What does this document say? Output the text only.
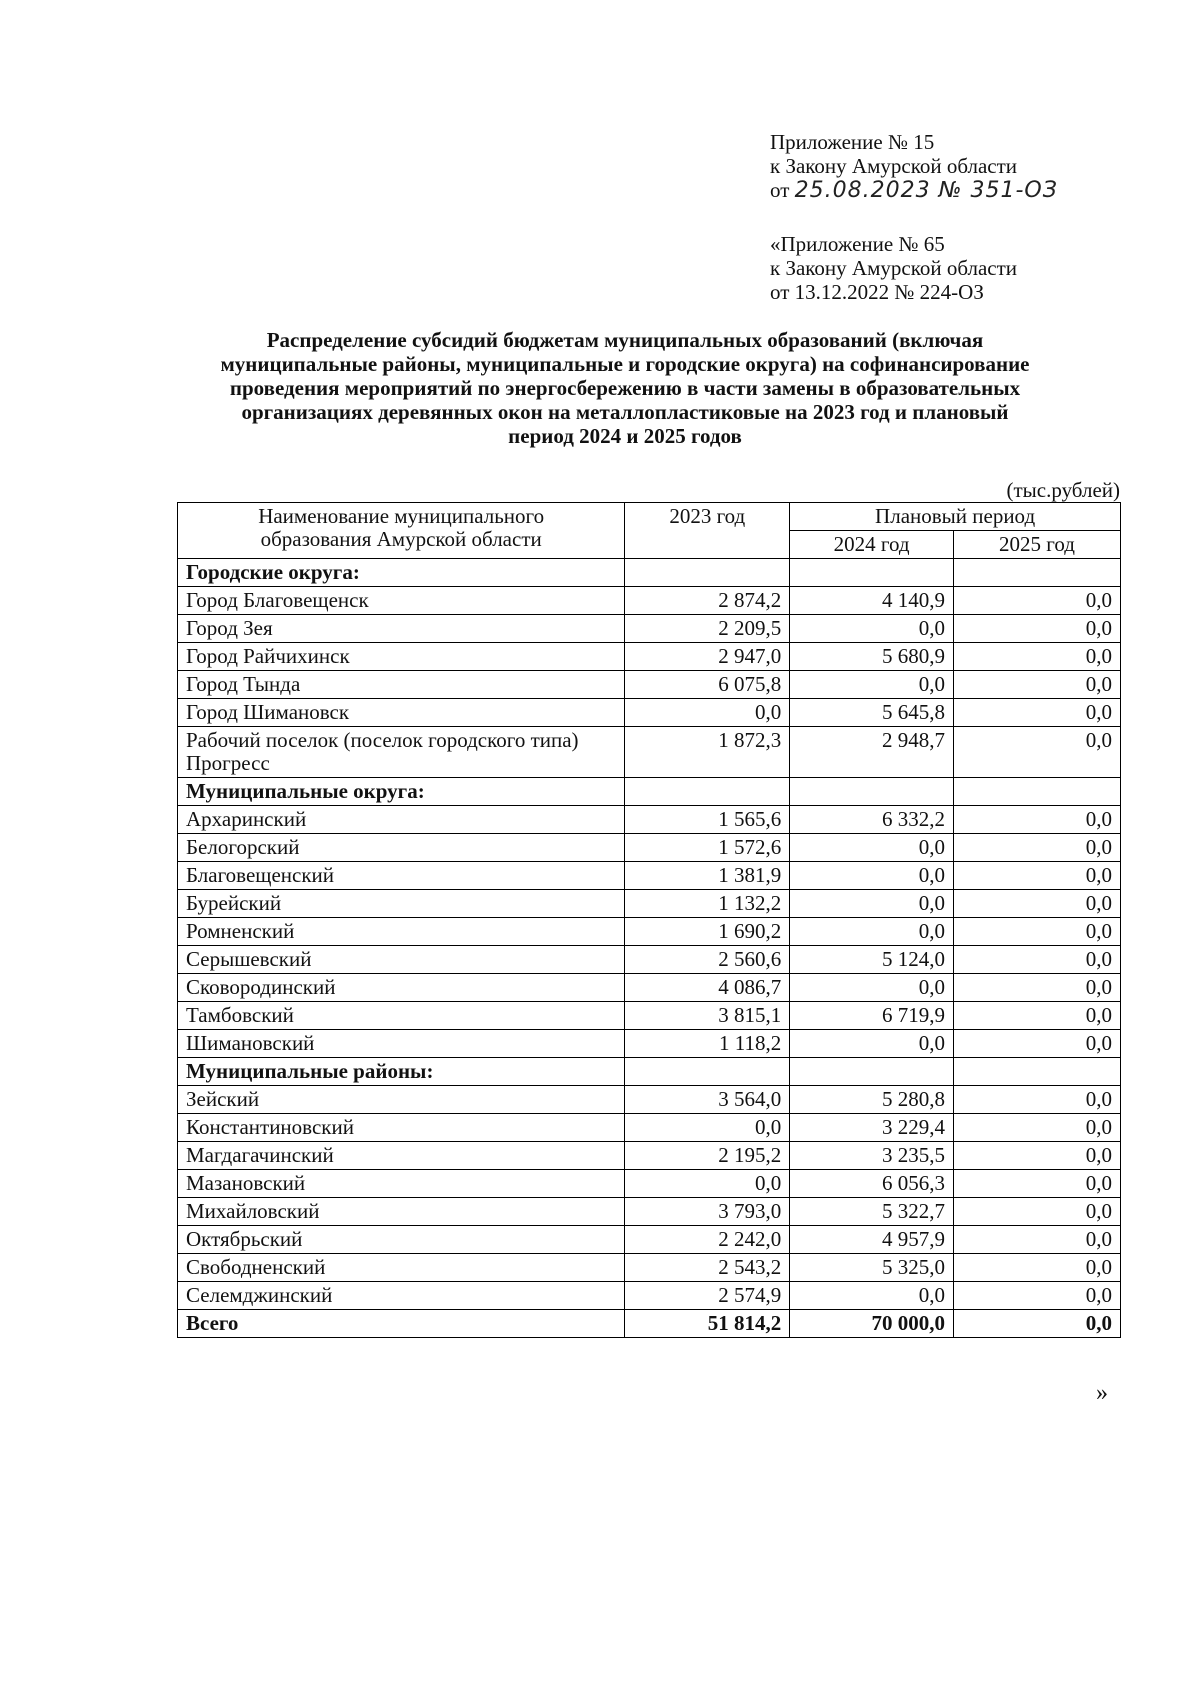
Приложение № 15
к Закону Амурской области
от 25.08.2023 № 351-ОЗ
«Приложение № 65
к Закону Амурской области
от 13.12.2022 № 224-ОЗ
Распределение субсидий бюджетам муниципальных образований (включая
муниципальные районы, муниципальные и городские округа) на софинансирование
проведения мероприятий по энергосбережению в части замены в образовательных
организациях деревянных окон на металлопластиковые на 2023 год и плановый
период 2024 и 2025 годов
(тыс.рублей)
Наименование муниципального
образования Амурской области	2023 год	Плановый период	
		2024 год	2025 год
Городские округа:			
Город Благовещенск	2 874,2	4 140,9	0,0
Город Зея	2 209,5	0,0	0,0
Город Райчихинск	2 947,0	5 680,9	0,0
Город Тында	6 075,8	0,0	0,0
Город Шимановск	0,0	5 645,8	0,0
Рабочий поселок (поселок городского типа) Прогресс	1 872,3	2 948,7	0,0
Муниципальные округа:			
Архаринский	1 565,6	6 332,2	0,0
Белогорский	1 572,6	0,0	0,0
Благовещенский	1 381,9	0,0	0,0
Бурейский	1 132,2	0,0	0,0
Ромненский	1 690,2	0,0	0,0
Серышевский	2 560,6	5 124,0	0,0
Сковородинский	4 086,7	0,0	0,0
Тамбовский	3 815,1	6 719,9	0,0
Шимановский	1 118,2	0,0	0,0
Муниципальные районы:			
Зейский	3 564,0	5 280,8	0,0
Константиновский	0,0	3 229,4	0,0
Магдагачинский	2 195,2	3 235,5	0,0
Мазановский	0,0	6 056,3	0,0
Михайловский	3 793,0	5 322,7	0,0
Октябрьский	2 242,0	4 957,9	0,0
Свободненский	2 543,2	5 325,0	0,0
Селемджинский	2 574,9	0,0	0,0
Всего	51 814,2	70 000,0	0,0
»
